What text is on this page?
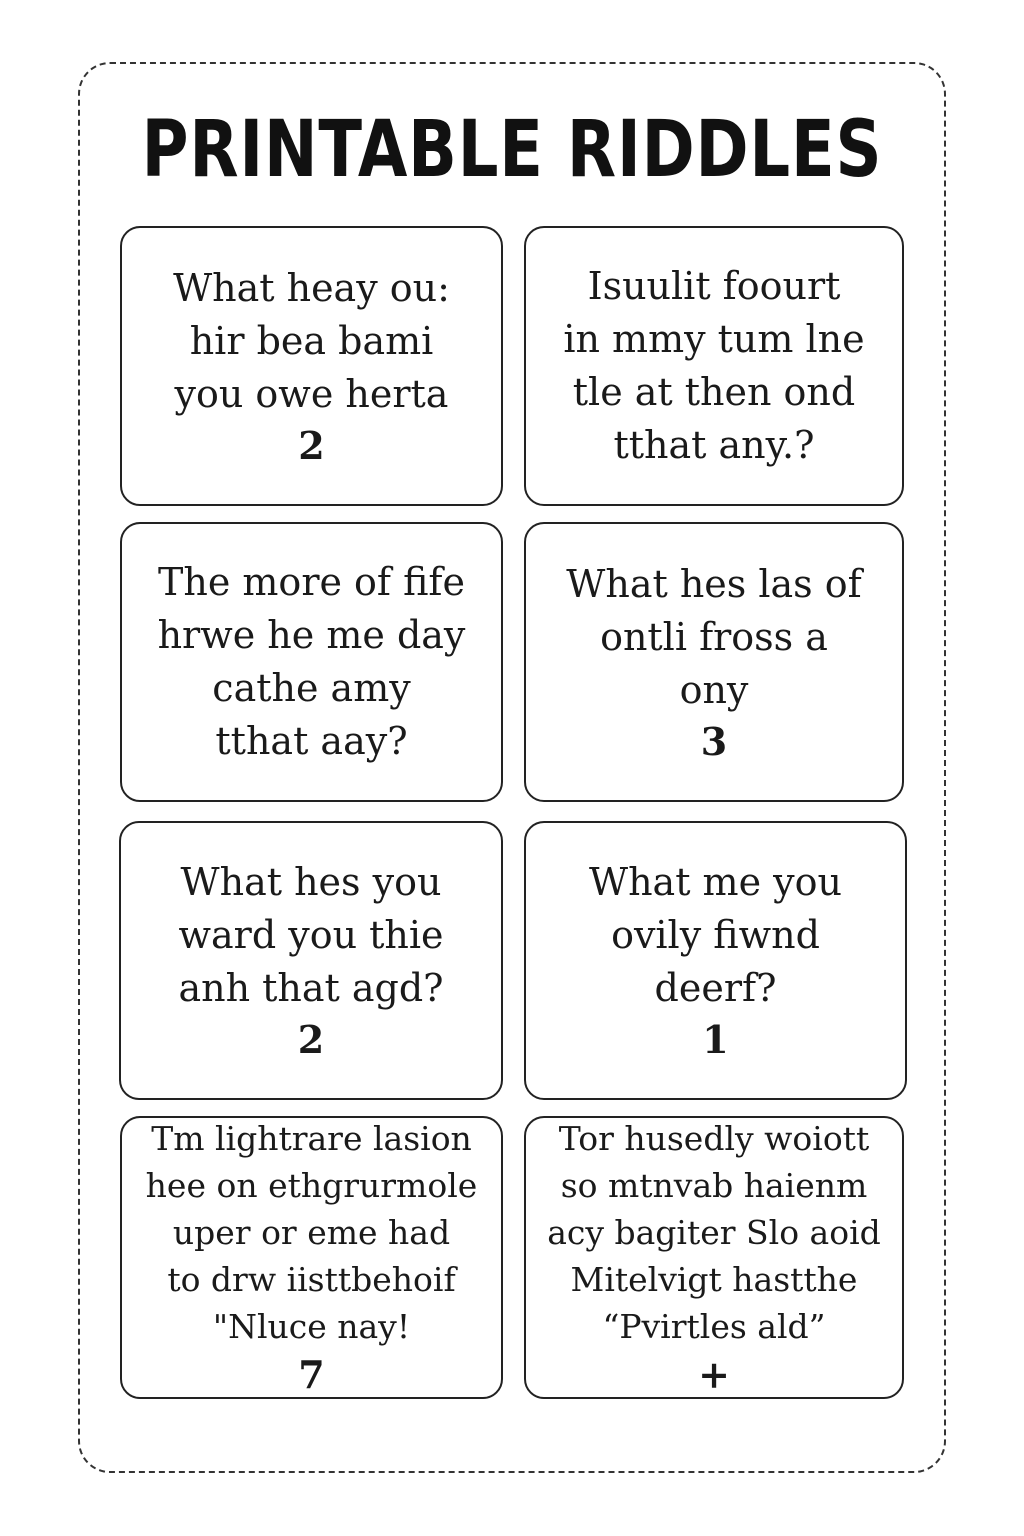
PRINTABLE RIDDLES
What heay ou:
hir bea bami
you owe herta
2
Isuulit foourt
in mmy tum lne
tle at then ond
tthat any.?
The more of fife
hrwe he me day
cathe amy
tthat aay?
What hes las of
ontli fross a
ony
3
What hes you
ward you thie
anh that agd?
2
What me you
ovily fiwnd
deerf?
1
Tm lightrare lasion
hee on ethgrurmole
uper or eme had
to drw iisttbehoif
"Nluce nay!
7
Tor husedly woiott
so mtnvab haienm
acy bagiter Slo aoid
Mitelvigt hastthe
“Pvirtles ald”
+
